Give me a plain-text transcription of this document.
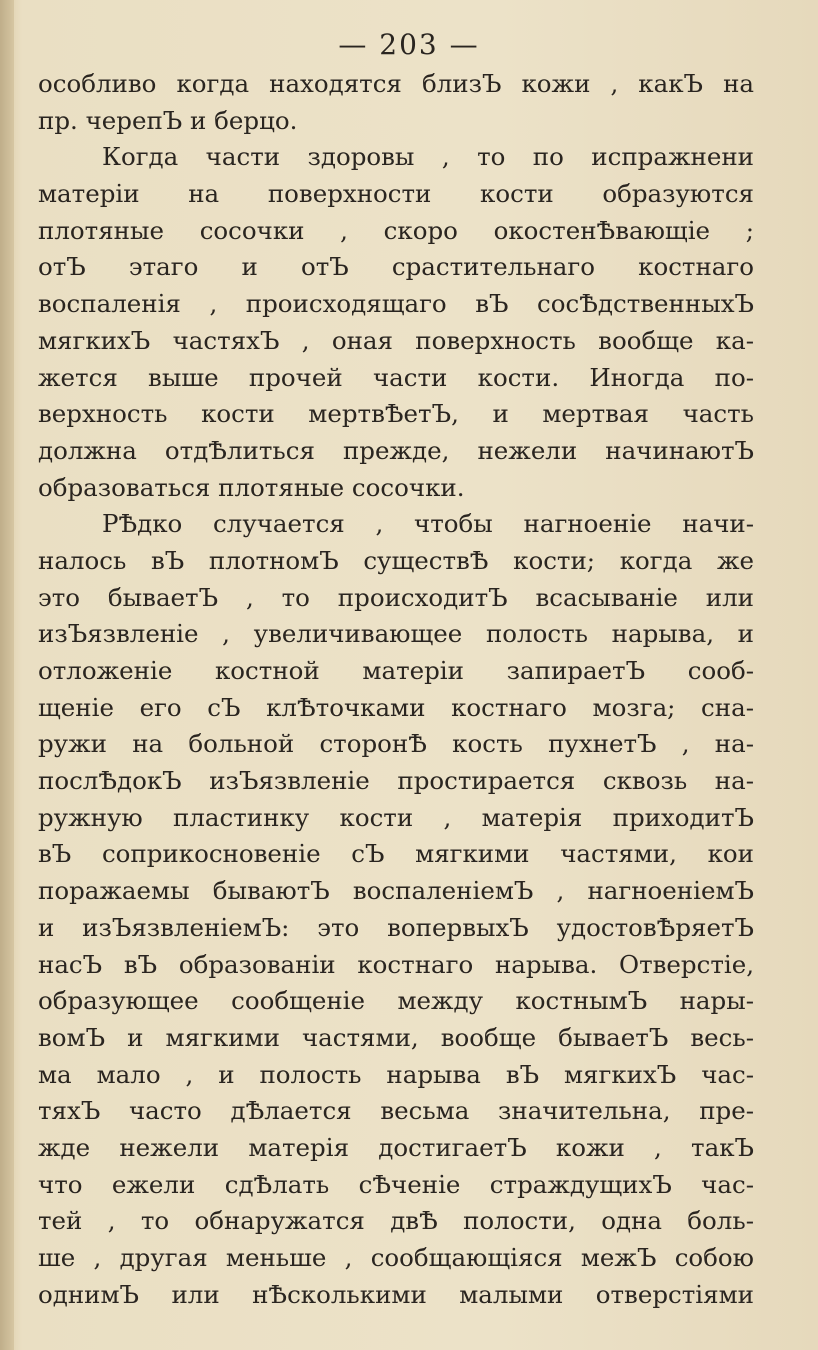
— 203 —
особливо когда находятся близЪ кожи , какЪ на
пр. черепЪ и берцо.
Когда части здоровы , то по испражнени
матеріи на поверхности кости образуются
плотяные сосочки , скоро окостенѢвающіе ;
отЪ этаго и отЪ срастительнаго костнаго
воспаленія , происходящаго вЪ сосѢдственныхЪ
мягкихЪ частяхЪ , оная поверхность вообще ка-
жется выше прочей части кости. Иногда по-
верхность кости мертвѢетЪ, и мертвая часть
должна отдѢлиться прежде, нежели начинаютЪ
образоваться плотяные сосочки.
РѢдко случается , чтобы нагноеніе начи-
налось вЪ плотномЪ существѢ кости; когда же
это бываетЪ , то происходитЪ всасываніе или
изЪязвленіе , увеличивающее полость нарыва, и
отложеніе костной матеріи запираетЪ сооб-
щеніе его сЪ клѢточками костнаго мозга; сна-
ружи на больной сторонѢ кость пухнетЪ , на-
послѢдокЪ изЪязвленіе простирается сквозь на-
ружную пластинку кости , матерія приходитЪ
вЪ соприкосновеніе сЪ мягкими частями, кои
поражаемы бываютЪ воспаленіемЪ , нагноеніемЪ
и изЪязвленіемЪ: это вопервыхЪ удостовѢряетЪ
насЪ вЪ образованіи костнаго нарыва. Отверстіе,
образующее сообщеніе между костнымЪ нары-
вомЪ и мягкими частями, вообще бываетЪ весь-
ма мало , и полость нарыва вЪ мягкихЪ час-
тяхЪ часто дѢлается весьма значительна, пре-
жде нежели матерія достигаетЪ кожи , такЪ
что ежели сдѢлать сѢченіе страждущихЪ час-
тей , то обнаружатся двѢ полости, одна боль-
ше , другая меньше , сообщающіяся межЪ собою
однимЪ или нѢсколькими малыми отверстіями
